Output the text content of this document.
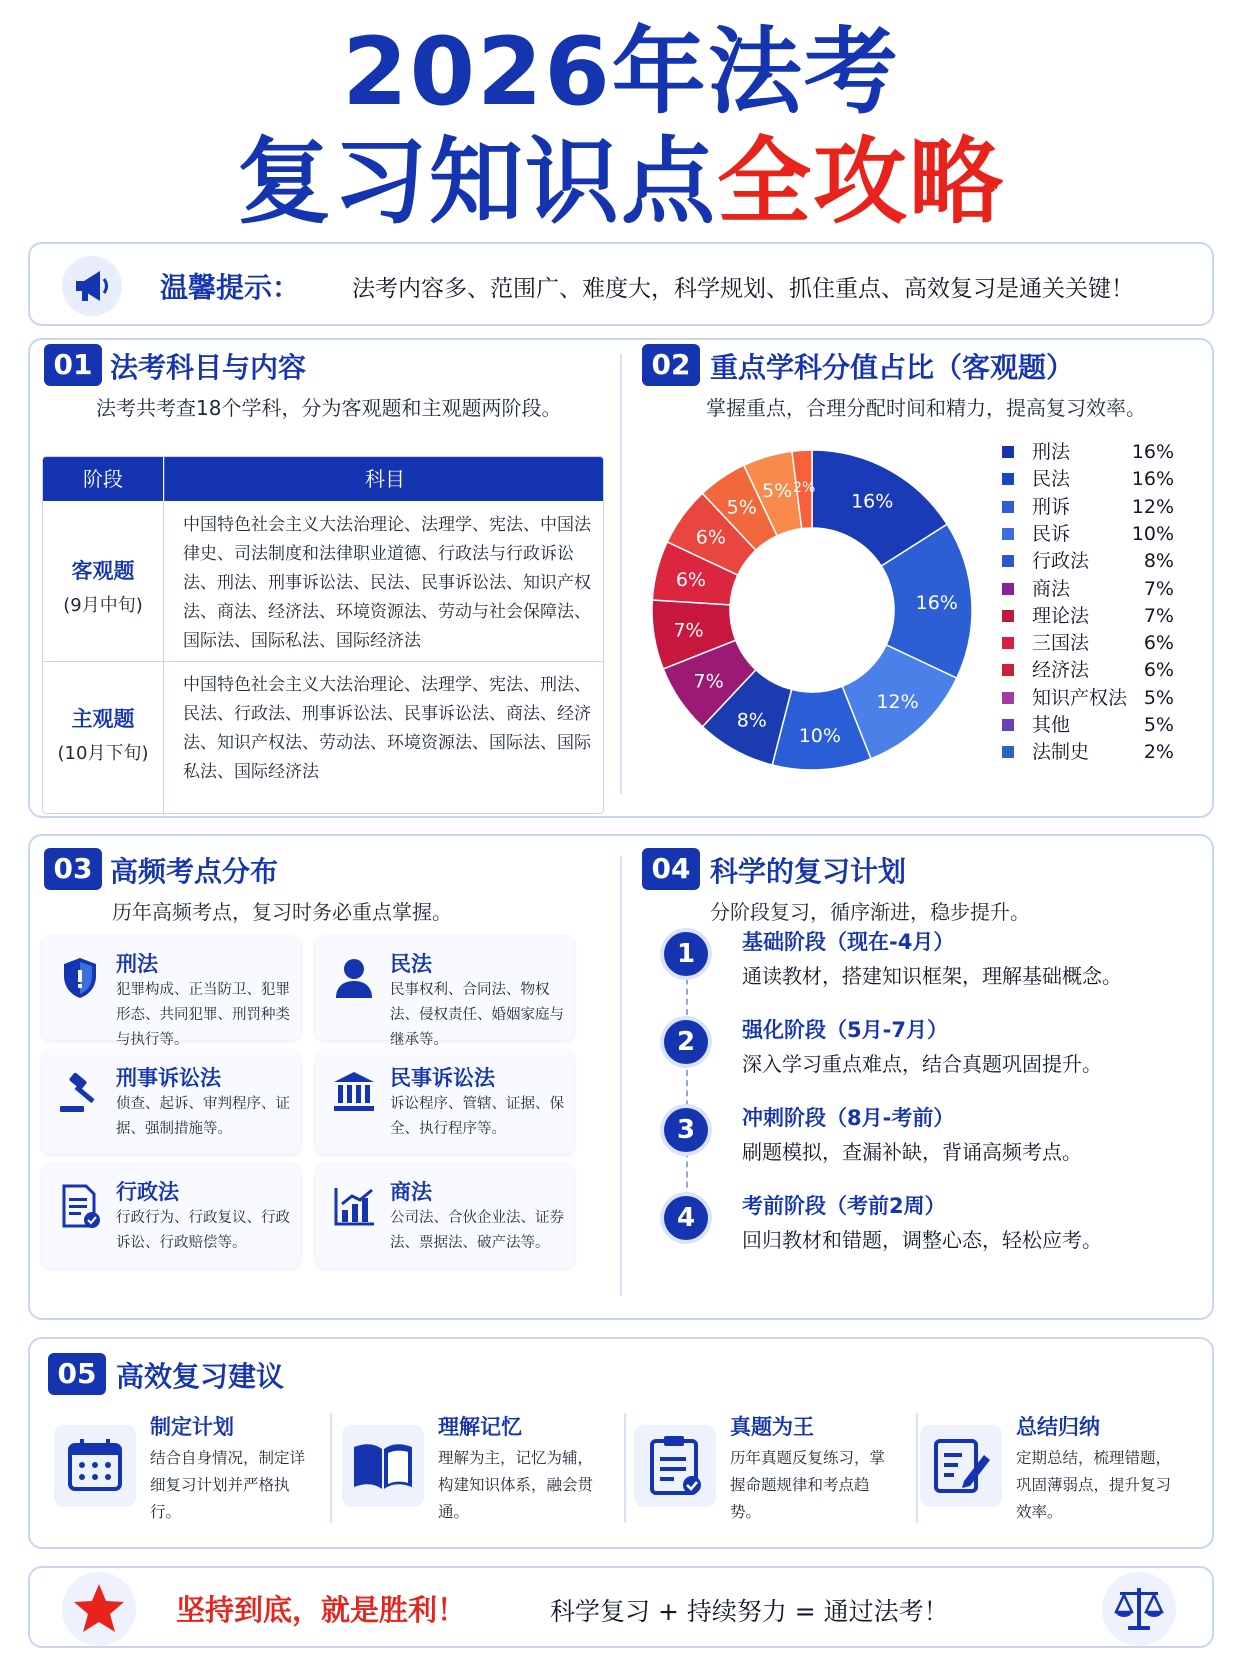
2026年法考
复习知识点全攻略
温馨提示： 法考内容多、范围广、难度大，科学规划、抓住重点、高效复习是通关关键！
01 法考科目与内容
法考共考查18个学科，分为客观题和主观题两阶段。
阶段	科目
客观题
(9月中旬)
中国特色社会主义大法治理论、法理学、宪法、中国法律史、司法制度和法律职业道德、行政法与行政诉讼法、刑法、刑事诉讼法、民法、民事诉讼法、知识产权法、商法、经济法、环境资源法、劳动与社会保障法、国际法、国际私法、国际经济法
主观题
(10月下旬)
中国特色社会主义大法治理论、法理学、宪法、刑法、民法、行政法、刑事诉讼法、民事诉讼法、商法、经济法、知识产权法、劳动法、环境资源法、国际法、国际私法、国际经济法
02 重点学科分值占比（客观题）
掌握重点，合理分配时间和精力，提高复习效率。
16%
16%
12%
10%
8%
7%
7%
6%
6%
5%
5% 2%
刑法	16%
民法	16%
刑诉	12%
民诉	10%
行政法	8%
商法	7%
理论法	7%
三国法	6%
经济法	6%
知识产权法 5%
其他	5%
法制史	2%
03 高频考点分布
历年高频考点，复习时务必重点掌握。
刑法
犯罪构成、正当防卫、犯罪形态、共同犯罪、刑罚种类与执行等。
民法
民事权利、合同法、物权法、侵权责任、婚姻家庭与继承等。
刑事诉讼法
侦查、起诉、审判程序、证据、强制措施等。
民事诉讼法
诉讼程序、管辖、证据、保全、执行程序等。
行政法
行政行为、行政复议、行政诉讼、行政赔偿等。
商法
公司法、合伙企业法、证券法、票据法、破产法等。
04 科学的复习计划
分阶段复习，循序渐进，稳步提升。
1	基础阶段（现在-4月）
通读教材，搭建知识框架，理解基础概念。
2	强化阶段（5月-7月）
深入学习重点难点，结合真题巩固提升。
3	冲刺阶段（8月-考前）
刷题模拟，查漏补缺，背诵高频考点。
4	考前阶段（考前2周）
回归教材和错题，调整心态，轻松应考。
05 高效复习建议
制定计划
结合自身情况，制定详细复习计划并严格执行。
理解记忆
理解为主，记忆为辅，构建知识体系，融会贯通。
真题为王
历年真题反复练习，掌握命题规律和考点趋势。
总结归纳
定期总结，梳理错题，巩固薄弱点，提升复习效率。
坚持到底，就是胜利！	科学复习 + 持续努力 = 通过法考！
